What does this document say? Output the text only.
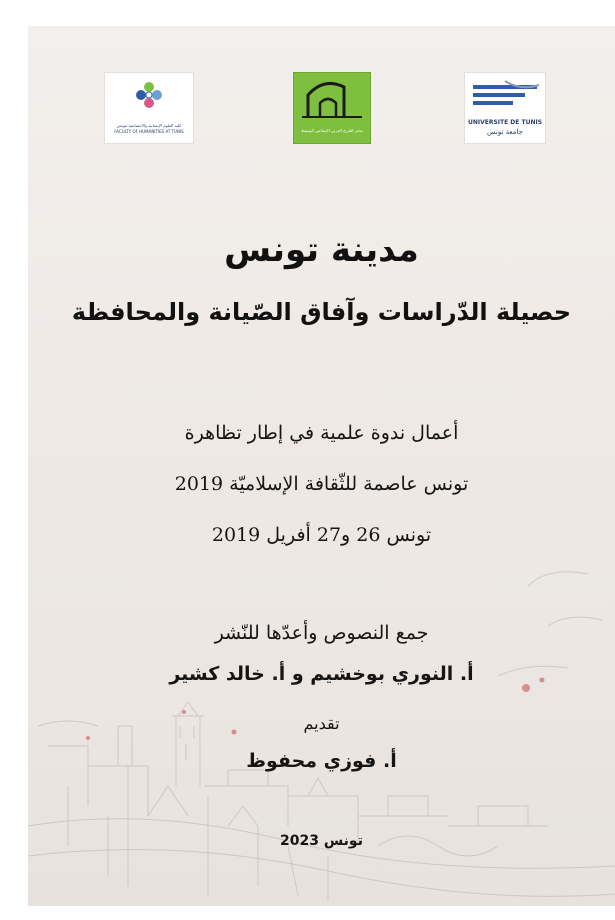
كلية العلوم الإنسانية والاجتماعية بتونس
FACULTY OF HUMANITIES AT TUNIS	مخبر التاريخ العربي الإسلامي الوسيط
UNIVERSITÉ DE TUNIS
جامعة تونس

مدينة تونس

حصيلة الدّراسات وآفاق الصّيانة والمحافظة

أعمال ندوة علمية في إطار تظاهرة

تونس عاصمة للثّقافة الإسلاميّة 2019

تونس 26 و27 أفريل 2019

جمع النصوص وأعدّها للنّشر

أ. النوري بوخشيم و أ. خالد كشير

تقديم

أ. فوزي محفوظ

تونس 2023
